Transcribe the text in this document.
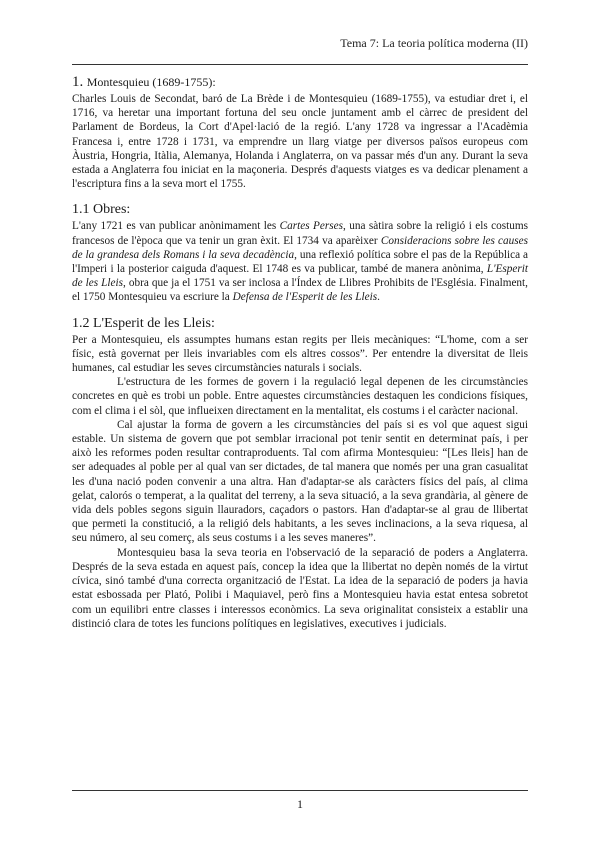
Tema 7: La teoria política moderna (II)
1. Montesquieu (1689-1755):

Charles Louis de Secondat, baró de La Brède i de Montesquieu (1689-1755), va estudiar dret i, el 1716, va heretar una important fortuna del seu oncle juntament amb el càrrec de president del Parlament de Bordeus, la Cort d'Apel·lació de la regió. L'any 1728 va ingressar a l'Acadèmia Francesa i, entre 1728 i 1731, va emprendre un llarg viatge per diversos països europeus com Àustria, Hongria, Itàlia, Alemanya, Holanda i Anglaterra, on va passar més d'un any. Durant la seva estada a Anglaterra fou iniciat en la maçoneria. Després d'aquests viatges es va dedicar plenament a l'escriptura fins a la seva mort el 1755.

1.1 Obres:

L'any 1721 es van publicar anònimament les Cartes Perses, una sàtira sobre la religió i els costums francesos de l'època que va tenir un gran èxit. El 1734 va aparèixer Consideracions sobre les causes de la grandesa dels Romans i la seva decadència, una reflexió política sobre el pas de la República a l'Imperi i la posterior caiguda d'aquest. El 1748 es va publicar, també de manera anònima, L'Esperit de les Lleis, obra que ja el 1751 va ser inclosa a l'Índex de Llibres Prohibits de l'Església. Finalment, el 1750 Montesquieu va escriure la Defensa de l'Esperit de les Lleis.

1.2 L'Esperit de les Lleis:

Per a Montesquieu, els assumptes humans estan regits per lleis mecàniques: “L'home, com a ser físic, està governat per lleis invariables com els altres cossos”. Per entendre la diversitat de lleis humanes, cal estudiar les seves circumstàncies naturals i socials.

L'estructura de les formes de govern i la regulació legal depenen de les circumstàncies concretes en què es trobi un poble. Entre aquestes circumstàncies destaquen les condicions físiques, com el clima i el sòl, que influeixen directament en la mentalitat, els costums i el caràcter nacional.

Cal ajustar la forma de govern a les circumstàncies del país si es vol que aquest sigui estable. Un sistema de govern que pot semblar irracional pot tenir sentit en determinat país, i per això les reformes poden resultar contraproduents. Tal com afirma Montesquieu: “[Les lleis] han de ser adequades al poble per al qual van ser dictades, de tal manera que només per una gran casualitat les d'una nació poden convenir a una altra. Han d'adaptar-se als caràcters físics del país, al clima gelat, calorós o temperat, a la qualitat del terreny, a la seva situació, a la seva grandària, al gènere de vida dels pobles segons siguin llauradors, caçadors o pastors. Han d'adaptar-se al grau de llibertat que permeti la constitució, a la religió dels habitants, a les seves inclinacions, a la seva riquesa, al seu número, al seu comerç, als seus costums i a les seves maneres”.

Montesquieu basa la seva teoria en l'observació de la separació de poders a Anglaterra. Després de la seva estada en aquest país, concep la idea que la llibertat no depèn només de la virtut cívica, sinó també d'una correcta organització de l'Estat. La idea de la separació de poders ja havia estat esbossada per Plató, Polibi i Maquiavel, però fins a Montesquieu havia estat entesa sobretot com un equilibri entre classes i interessos econòmics. La seva originalitat consisteix a establir una distinció clara de totes les funcions polítiques en legislatives, executives i judicials.

1
